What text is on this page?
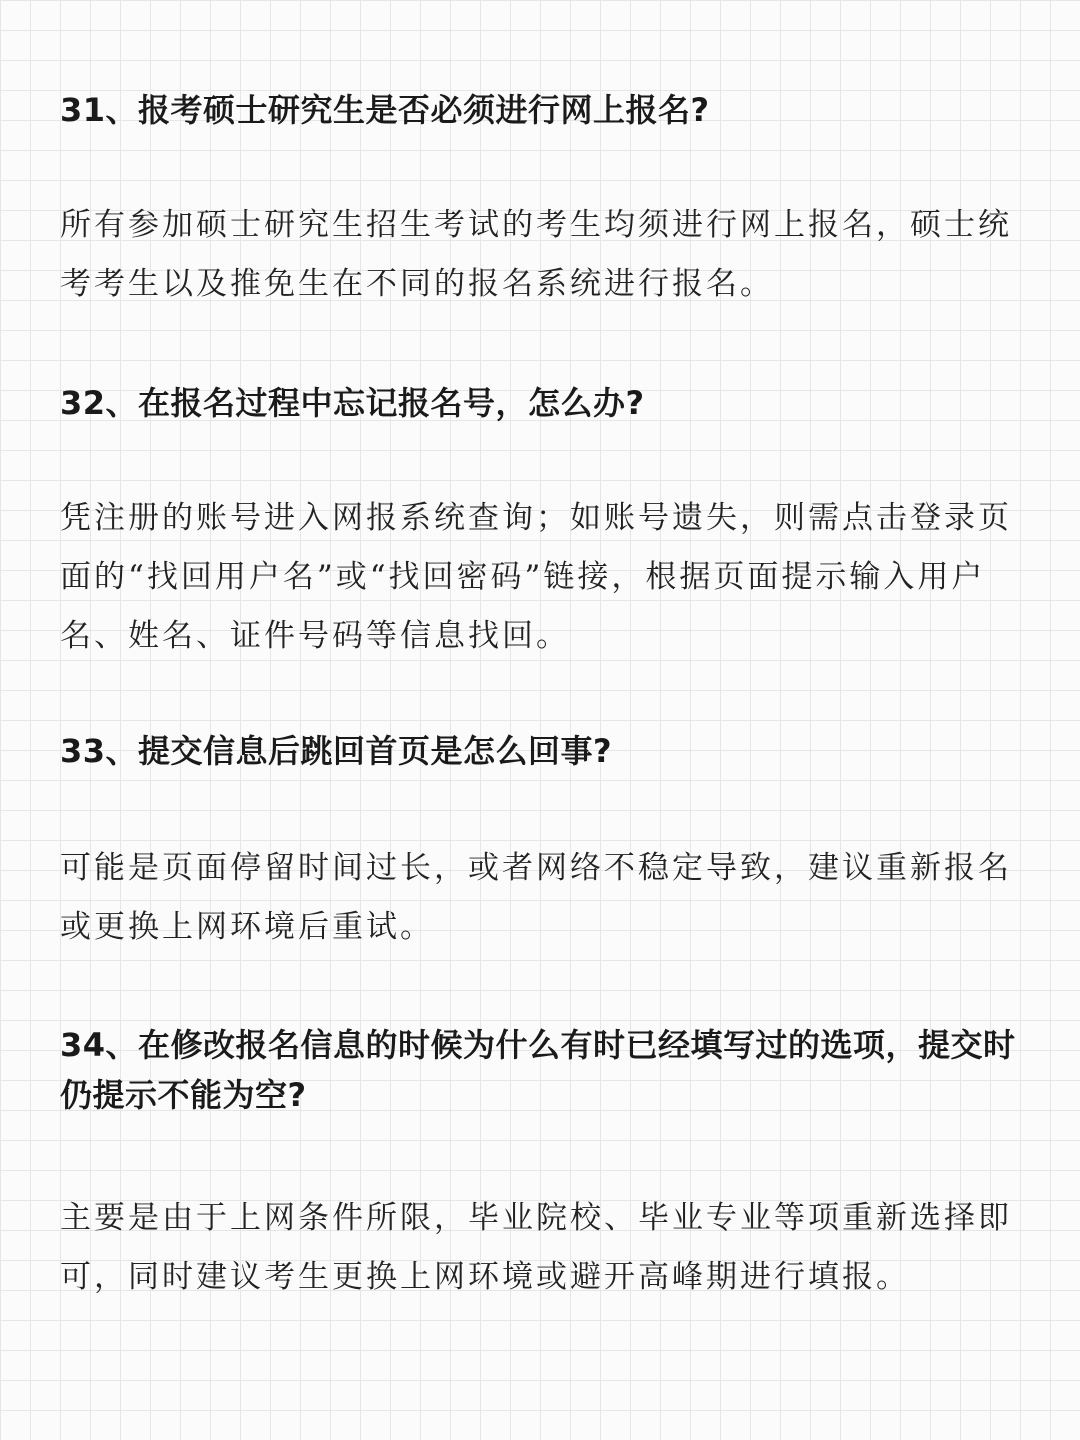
31、报考硕士研究生是否必须进行网上报名?

所有参加硕士研究生招生考试的考生均须进行网上报名，硕士统考考生以及推免生在不同的报名系统进行报名。

32、在报名过程中忘记报名号，怎么办?

凭注册的账号进入网报系统查询；如账号遗失，则需点击登录页面的“找回用户名”或“找回密码”链接，根据页面提示输入用户名、姓名、证件号码等信息找回。

33、提交信息后跳回首页是怎么回事?

可能是页面停留时间过长，或者网络不稳定导致，建议重新报名或更换上网环境后重试。

34、在修改报名信息的时候为什么有时已经填写过的选项，提交时仍提示不能为空?

主要是由于上网条件所限，毕业院校、毕业专业等项重新选择即可，同时建议考生更换上网环境或避开高峰期进行填报。
